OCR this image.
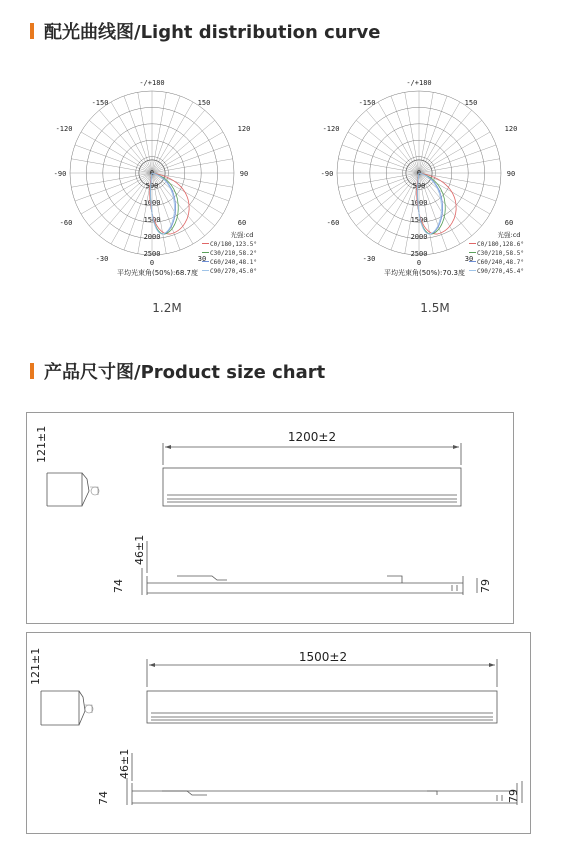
配光曲线图/Light distribution curve
-/+180
-150	150
-120	120
-90	90
-60	60
-30	30
0
0
500
1000
1500
2000
2500
光强:cd
C0/180,123.5°
C30/210,58.2°
C60/240,48.1°
C90/270,45.0°
平均光束角(50%):68.7度
1.2M
-/+180
-150	150
-120	120
-90	90
-60	60
-30	30
0
0
500
1000
1500
2000
2500
光强:cd
C0/180,128.6°
C30/210,58.5°
C60/240,48.7°
C90/270,45.4°
平均光束角(50%):70.3度
1.5M
产品尺寸图/Product size chart
1200±2
121±1
46±1
74	79
1500±2
121±1
46±1
74	79
